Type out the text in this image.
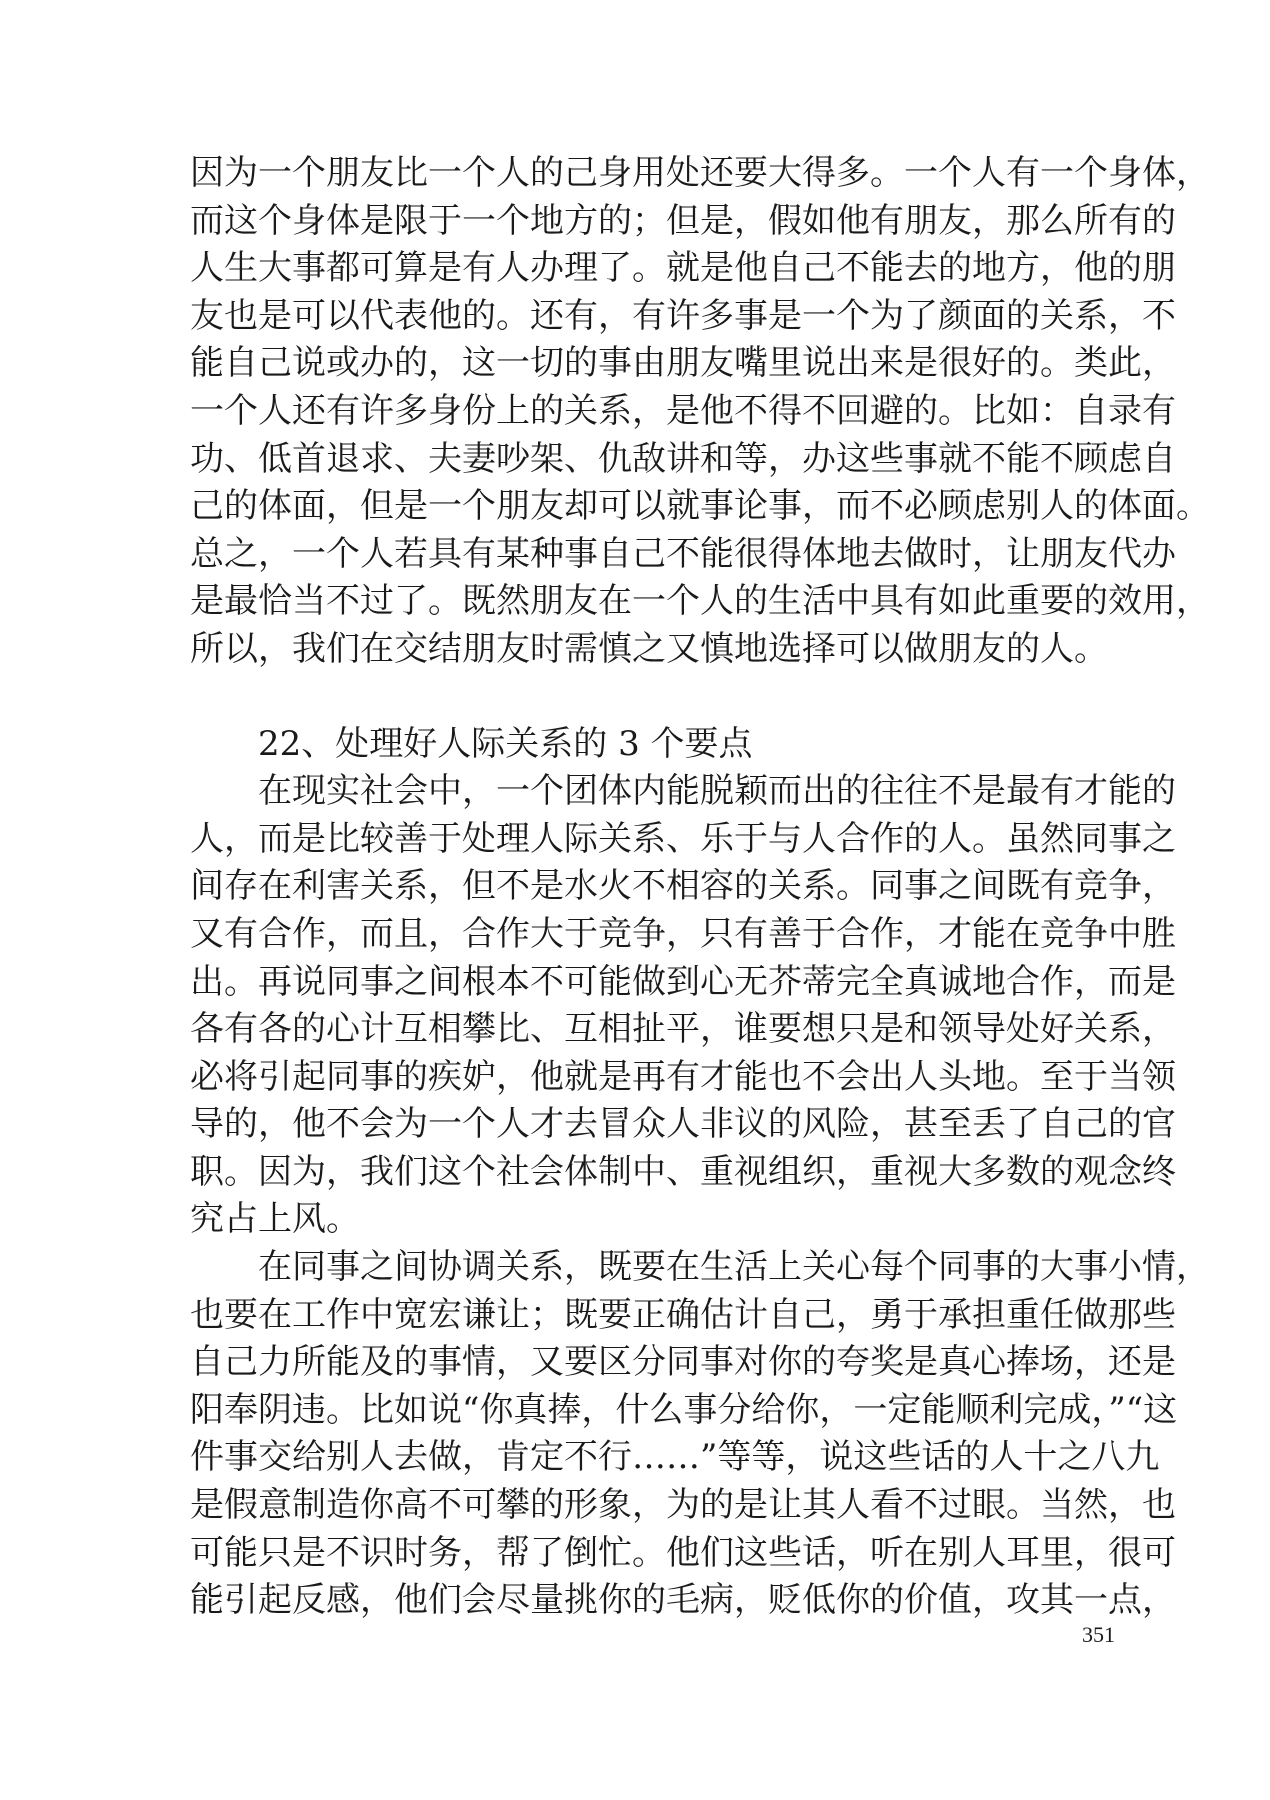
因为一个朋友比一个人的己身用处还要大得多。一个人有一个身体，
而这个身体是限于一个地方的；但是，假如他有朋友，那么所有的
人生大事都可算是有人办理了。就是他自己不能去的地方，他的朋
友也是可以代表他的。还有，有许多事是一个为了颜面的关系，不
能自己说或办的，这一切的事由朋友嘴里说出来是很好的。类此，
一个人还有许多身份上的关系，是他不得不回避的。比如：自录有
功、低首退求、夫妻吵架、仇敌讲和等，办这些事就不能不顾虑自
己的体面，但是一个朋友却可以就事论事，而不必顾虑别人的体面。
总之，一个人若具有某种事自己不能很得体地去做时，让朋友代办
是最恰当不过了。既然朋友在一个人的生活中具有如此重要的效用，
所以，我们在交结朋友时需慎之又慎地选择可以做朋友的人。
22、处理好人际关系的 3 个要点
在现实社会中，一个团体内能脱颖而出的往往不是最有才能的
人，而是比较善于处理人际关系、乐于与人合作的人。虽然同事之
间存在利害关系，但不是水火不相容的关系。同事之间既有竞争，
又有合作，而且，合作大于竞争，只有善于合作，才能在竞争中胜
出。再说同事之间根本不可能做到心无芥蒂完全真诚地合作，而是
各有各的心计互相攀比、互相扯平，谁要想只是和领导处好关系，
必将引起同事的疾妒，他就是再有才能也不会出人头地。至于当领
导的，他不会为一个人才去冒众人非议的风险，甚至丢了自己的官
职。因为，我们这个社会体制中、重视组织，重视大多数的观念终
究占上风。
在同事之间协调关系，既要在生活上关心每个同事的大事小情，
也要在工作中宽宏谦让；既要正确估计自己，勇于承担重任做那些
自己力所能及的事情，又要区分同事对你的夸奖是真心捧场，还是
阳奉阴违。比如说“你真捧，什么事分给你，一定能顺利完成，”“这
件事交给别人去做，肯定不行……”等等，说这些话的人十之八九
是假意制造你高不可攀的形象，为的是让其人看不过眼。当然，也
可能只是不识时务，帮了倒忙。他们这些话，听在别人耳里，很可
能引起反感，他们会尽量挑你的毛病，贬低你的价值，攻其一点，
351
